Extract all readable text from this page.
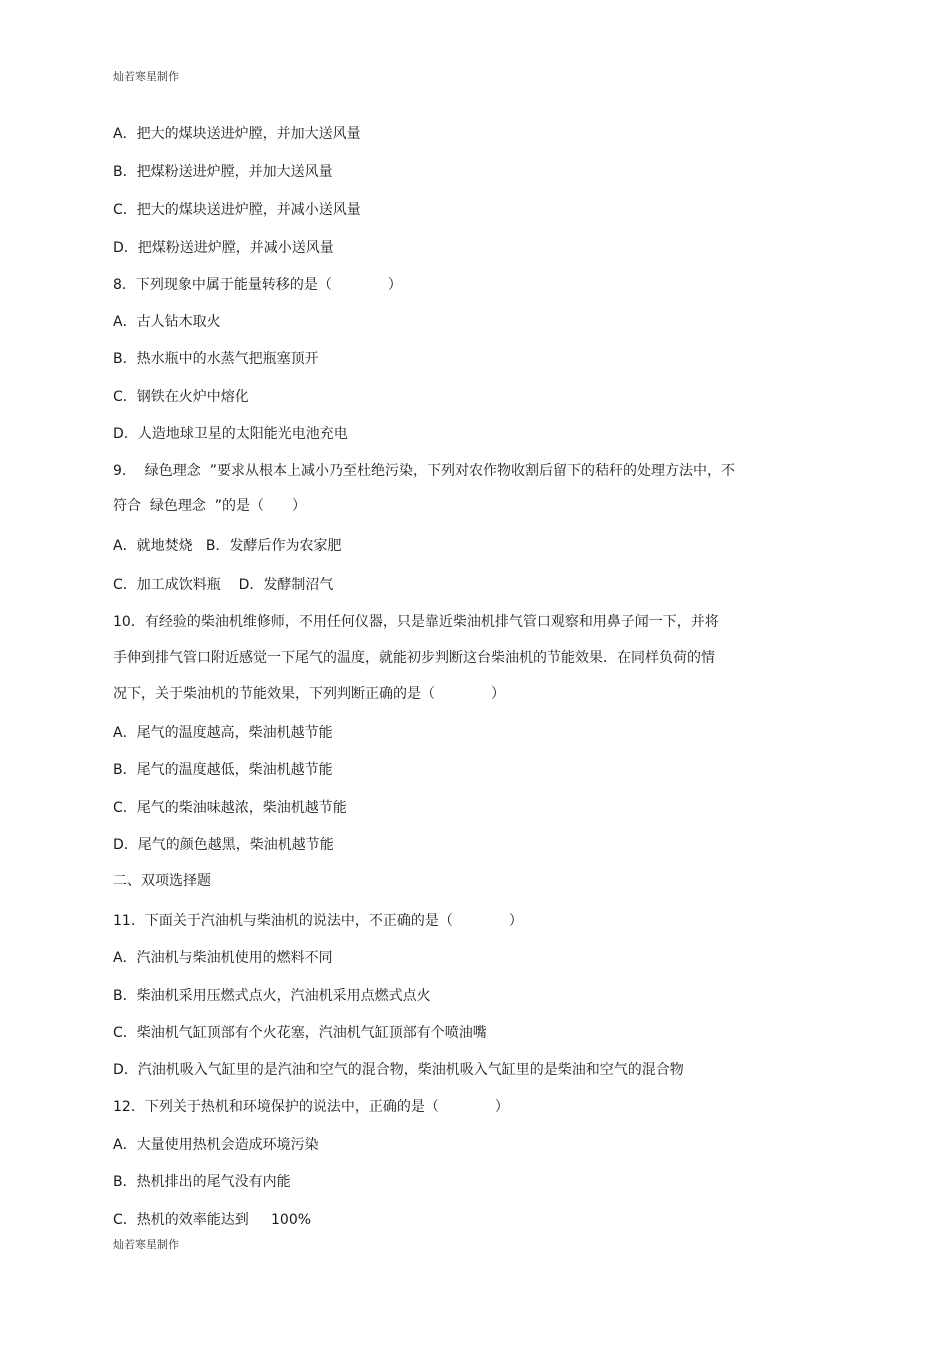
灿若寒星制作
A．把大的煤块送进炉膛，并加大送风量
B．把煤粉送进炉膛，并加大送风量
C．把大的煤块送进炉膛，并减小送风量
D．把煤粉送进炉膛，并减小送风量
8．下列现象中属于能量转移的是（　　　　）
A．古人钻木取火
B．热水瓶中的水蒸气把瓶塞顶开
C．钢铁在火炉中熔化
D．人造地球卫星的太阳能光电池充电
9．  绿色理念  ”要求从根本上减小乃至杜绝污染，下列对农作物收割后留下的秸秆的处理方法中，不
符合  绿色理念  ”的是（　　）
A．就地焚烧   B．发酵后作为农家肥
C．加工成饮料瓶    D．发酵制沼气
10．有经验的柴油机维修师，不用任何仪器，只是靠近柴油机排气管口观察和用鼻子闻一下，并将
手伸到排气管口附近感觉一下尾气的温度，就能初步判断这台柴油机的节能效果．在同样负荷的情
况下，关于柴油机的节能效果，下列判断正确的是（　　　　）
A．尾气的温度越高，柴油机越节能
B．尾气的温度越低，柴油机越节能
C．尾气的柴油味越浓，柴油机越节能
D．尾气的颜色越黑，柴油机越节能
二、双项选择题
11．下面关于汽油机与柴油机的说法中，不正确的是（　　　　）
A．汽油机与柴油机使用的燃料不同
B．柴油机采用压燃式点火，汽油机采用点燃式点火
C．柴油机气缸顶部有个火花塞，汽油机气缸顶部有个喷油嘴
D．汽油机吸入气缸里的是汽油和空气的混合物，柴油机吸入气缸里的是柴油和空气的混合物
12．下列关于热机和环境保护的说法中，正确的是（　　　　）
A．大量使用热机会造成环境污染
B．热机排出的尾气没有内能
C．热机的效率能达到     100%
灿若寒星制作
